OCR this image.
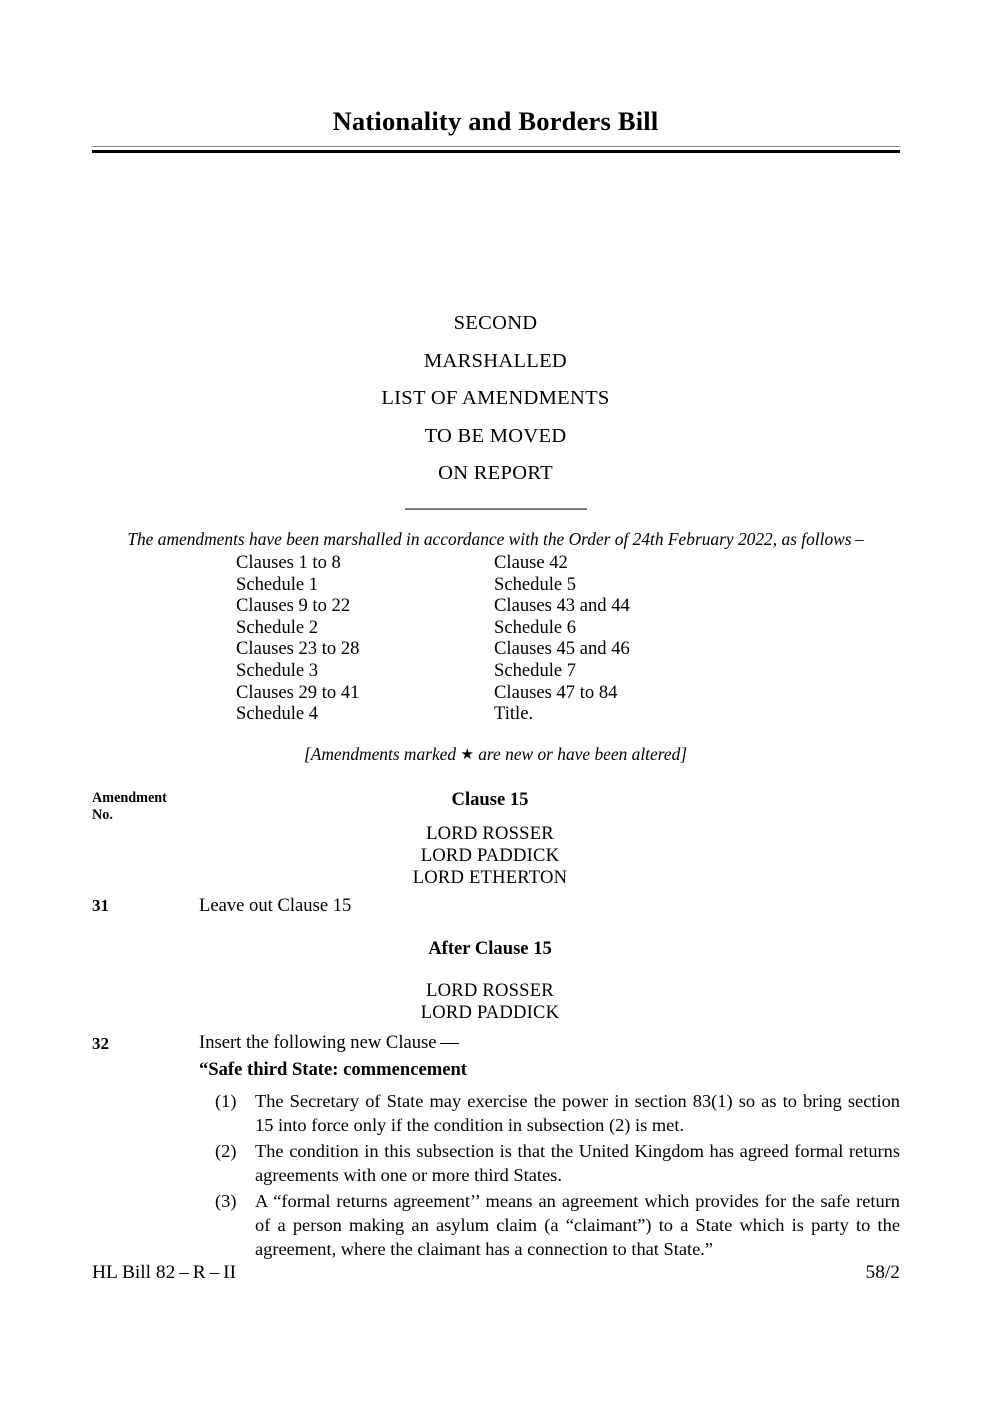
Nationality and Borders Bill
SECOND
MARSHALLED
LIST OF AMENDMENTS
TO BE MOVED
ON REPORT
The amendments have been marshalled in accordance with the Order of 24th February 2022, as follows –
Clauses 1 to 8	Clause 42
Schedule 1	Schedule 5
Clauses 9 to 22	Clauses 43 and 44
Schedule 2	Schedule 6
Clauses 23 to 28	Clauses 45 and 46
Schedule 3	Schedule 7
Clauses 29 to 41	Clauses 47 to 84
Schedule 4	Title.
[Amendments marked ★ are new or have been altered]
Amendment
No.
Clause 15
LORD ROSSER
LORD PADDICK
LORD ETHERTON
31	Leave out Clause 15
After Clause 15
LORD ROSSER
LORD PADDICK
32	Insert the following new Clause —
“Safe third State: commencement
(1)	The Secretary of State may exercise the power in section 83(1) so as to bring section 15 into force only if the condition in subsection (2) is met.
(2)	The condition in this subsection is that the United Kingdom has agreed formal returns agreements with one or more third States.
(3)	A “formal returns agreement’’ means an agreement which provides for the safe return of a person making an asylum claim (a “claimant”) to a State which is party to the agreement, where the claimant has a connection to that State.”
HL Bill 82 – R – II	58/2
